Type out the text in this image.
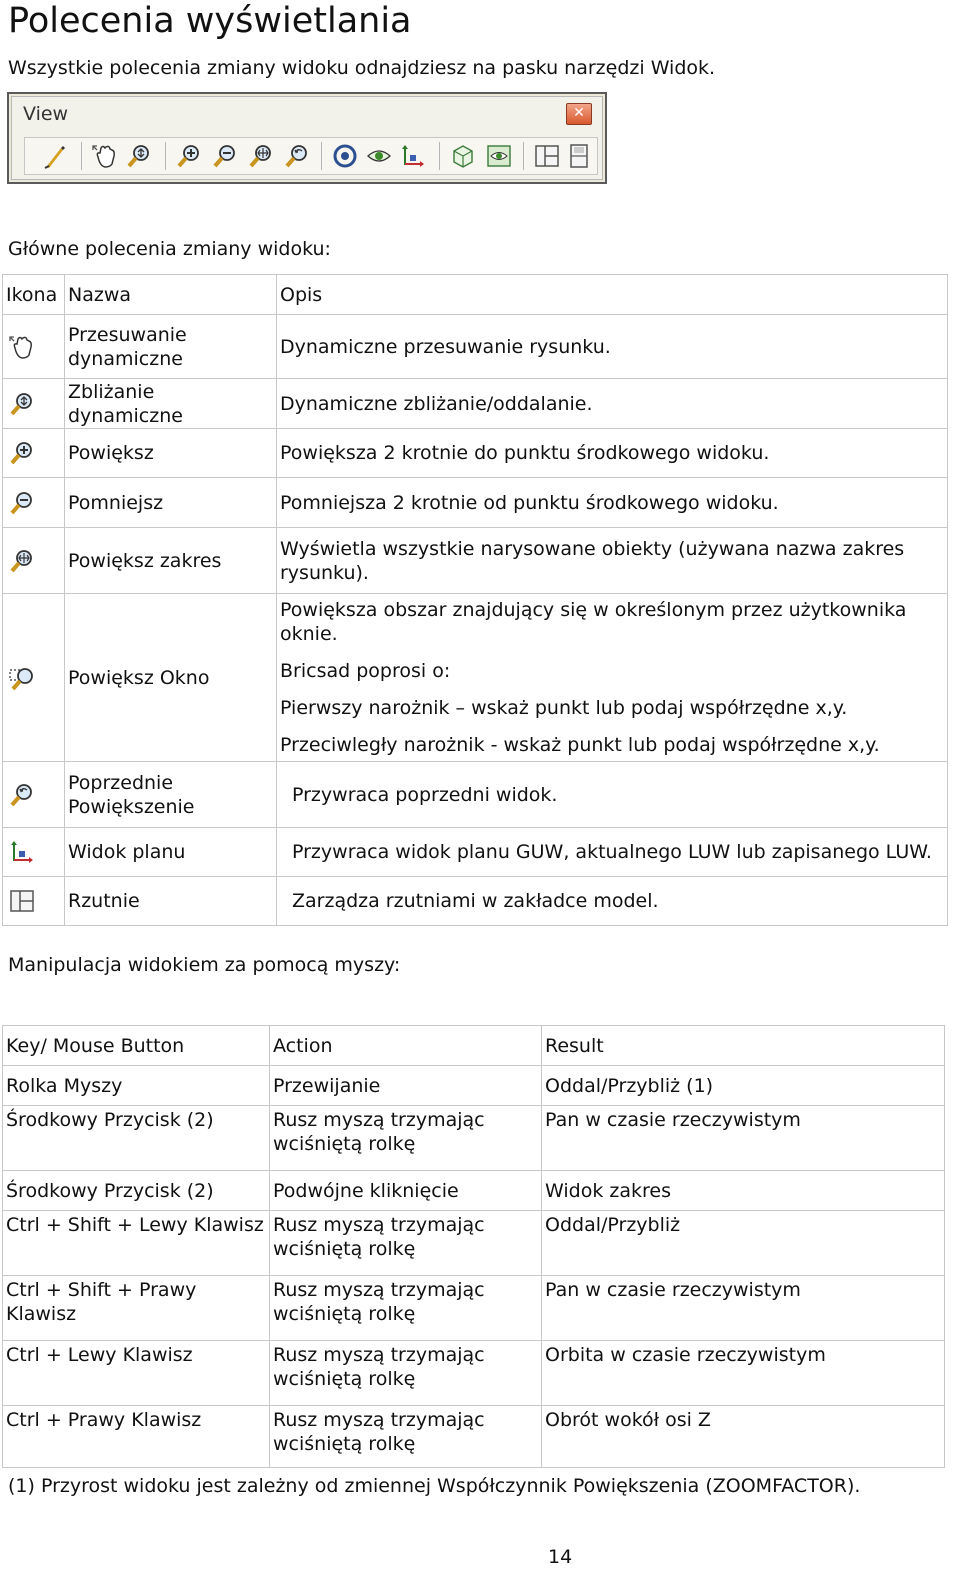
Polecenia wyświetlania
Wszystkie polecenia zmiany widoku odnajdziesz na pasku narzędzi Widok.
View	✕
Główne polecenia zmiany widoku:
Ikona	Nazwa	Opis
	Przesuwanie dynamiczne	Dynamiczne przesuwanie rysunku.
	Zbliżanie dynamiczne	Dynamiczne zbliżanie/oddalanie.
	Powiększ	Powiększa 2 krotnie do punktu środkowego widoku.
	Pomniejsz	Pomniejsza 2 krotnie od punktu środkowego widoku.
	Powiększ zakres	Wyświetla wszystkie narysowane obiekty (używana nazwa zakres rysunku).
	Powiększ Okno	Powiększa obszar znajdujący się w określonym przez użytkownika oknie.

Bricsad poprosi o:

Pierwszy narożnik – wskaż punkt lub podaj współrzędne x,y.

Przeciwległy narożnik - wskaż punkt lub podaj współrzędne x,y.

	Poprzednie Powiększenie	Przywraca poprzedni widok.
	Widok planu	Przywraca widok planu GUW, aktualnego LUW lub zapisanego LUW.
	Rzutnie	Zarządza rzutniami w zakładce model.
Manipulacja widokiem za pomocą myszy:
Key/ Mouse Button	Action	Result
Rolka Myszy	Przewijanie	Oddal/Przybliż (1)
Środkowy Przycisk (2)	Rusz myszą trzymając wciśniętą rolkę	Pan w czasie rzeczywistym
Środkowy Przycisk (2)	Podwójne kliknięcie	Widok zakres
Ctrl + Shift + Lewy Klawisz	Rusz myszą trzymając wciśniętą rolkę	Oddal/Przybliż
Ctrl + Shift + Prawy Klawisz	Rusz myszą trzymając wciśniętą rolkę	Pan w czasie rzeczywistym
Ctrl + Lewy Klawisz	Rusz myszą trzymając wciśniętą rolkę	Orbita w czasie rzeczywistym
Ctrl + Prawy Klawisz	Rusz myszą trzymając wciśniętą rolkę	Obrót wokół osi Z
(1) Przyrost widoku jest zależny od zmiennej Współczynnik Powiększenia (ZOOMFACTOR).
14
